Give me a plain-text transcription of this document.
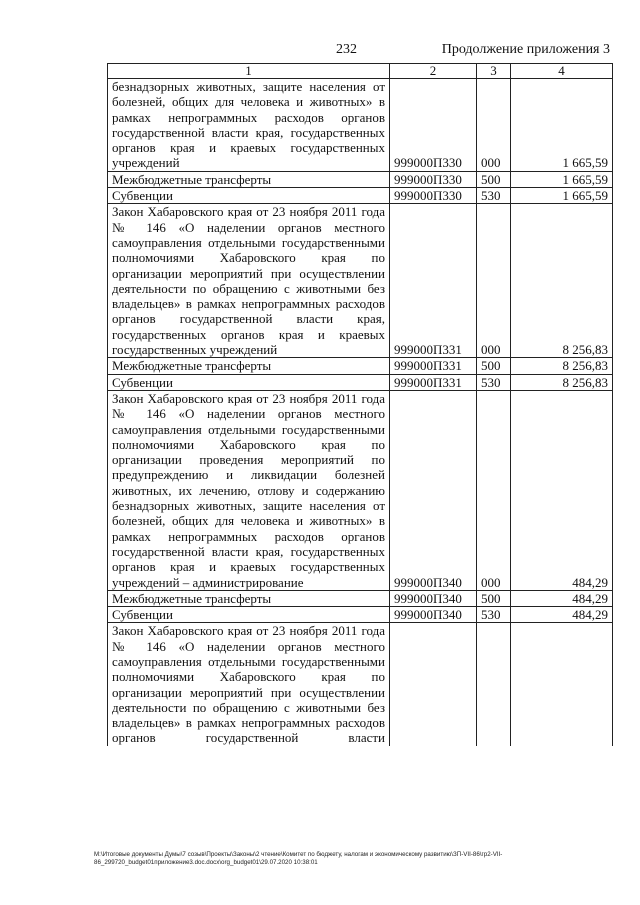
232	Продолжение приложения 3
1	2	3	4
безнадзорных животных, защите населения от болезней, общих для человека и животных» в рамках непрограммных расходов органов государственной власти края, государственных органов края и краевых государственных учреждений	999000П330	000	1 665,59
Межбюджетные трансферты	999000П330	500	1 665,59
Субвенции	999000П330	530	1 665,59
Закон Хабаровского края от 23 ноября 2011 года № 146 «О наделении органов местного самоуправления отдельными государственными полномочиями Хабаровского края по организации мероприятий при осуществлении деятельности по обращению с животными без владельцев» в рамках непрограммных расходов органов государственной власти края, государственных органов края и краевых государственных учреждений	999000П331	000	8 256,83
Межбюджетные трансферты	999000П331	500	8 256,83
Субвенции	999000П331	530	8 256,83
Закон Хабаровского края от 23 ноября 2011 года № 146 «О наделении органов местного самоуправления отдельными государственными полномочиями Хабаровского края по организации проведения мероприятий по предупреждению и ликвидации болезней животных, их лечению, отлову и содержанию безнадзорных животных, защите населения от болезней, общих для человека и животных» в рамках непрограммных расходов органов государственной власти края, государственных органов края и краевых государственных учреждений – администрирование	999000П340	000	484,29
Межбюджетные трансферты	999000П340	500	484,29
Субвенции	999000П340	530	484,29
Закон Хабаровского края от 23 ноября 2011 года № 146 «О наделении органов местного самоуправления отдельными государственными полномочиями Хабаровского края по организации мероприятий при осуществлении деятельности по обращению с животными без владельцев» в рамках непрограммных расходов органов государственной власти			
M:\Итоговые документы Думы\7 созыв\Проекты\Законы\2 чтение\Комитет по бюджету, налогам и экономическому развитию\ЗП-VII-86\гр2-VII-86_299720_budget01приложение3.doc.docx\org_budget01\29.07.2020 10:38:01
